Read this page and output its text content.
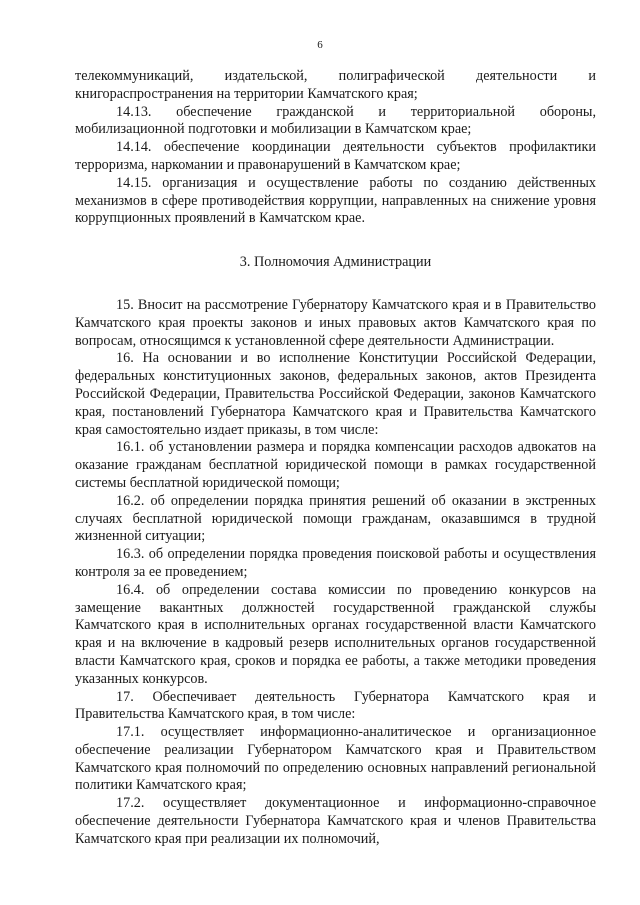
6

телекоммуникаций, издательской, полиграфической деятельности и книгораспространения на территории Камчатского края;

14.13. обеспечение гражданской и территориальной обороны, мобилизационной подготовки и мобилизации в Камчатском крае;

14.14. обеспечение координации деятельности субъектов профилактики терроризма, наркомании и правонарушений в Камчатском крае;

14.15. организация и осуществление работы по созданию действенных механизмов в сфере противодействия коррупции, направленных на снижение уровня коррупционных проявлений в Камчатском крае.

3. Полномочия Администрации

15. Вносит на рассмотрение Губернатору Камчатского края и в Правительство Камчатского края проекты законов и иных правовых актов Камчатского края по вопросам, относящимся к установленной сфере деятельности Администрации.

16. На основании и во исполнение Конституции Российской Федерации, федеральных конституционных законов, федеральных законов, актов Президента Российской Федерации, Правительства Российской Федерации, законов Камчатского края, постановлений Губернатора Камчатского края и Правительства Камчатского края самостоятельно издает приказы, в том числе:

16.1. об установлении размера и порядка компенсации расходов адвокатов на оказание гражданам бесплатной юридической помощи в рамках государственной системы бесплатной юридической помощи;

16.2. об определении порядка принятия решений об оказании в экстренных случаях бесплатной юридической помощи гражданам, оказавшимся в трудной жизненной ситуации;

16.3. об определении порядка проведения поисковой работы и осуществления контроля за ее проведением;

16.4. об определении состава комиссии по проведению конкурсов на замещение вакантных должностей государственной гражданской службы Камчатского края в исполнительных органах государственной власти Камчатского края и на включение в кадровый резерв исполнительных органов государственной власти Камчатского края, сроков и порядка ее работы, а также методики проведения указанных конкурсов.

17. Обеспечивает деятельность Губернатора Камчатского края и Правительства Камчатского края, в том числе:

17.1. осуществляет информационно-аналитическое и организационное обеспечение реализации Губернатором Камчатского края и Правительством Камчатского края полномочий по определению основных направлений региональной политики Камчатского края;

17.2. осуществляет документационное и информационно-справочное обеспечение деятельности Губернатора Камчатского края и членов Правительства Камчатского края при реализации их полномочий,
